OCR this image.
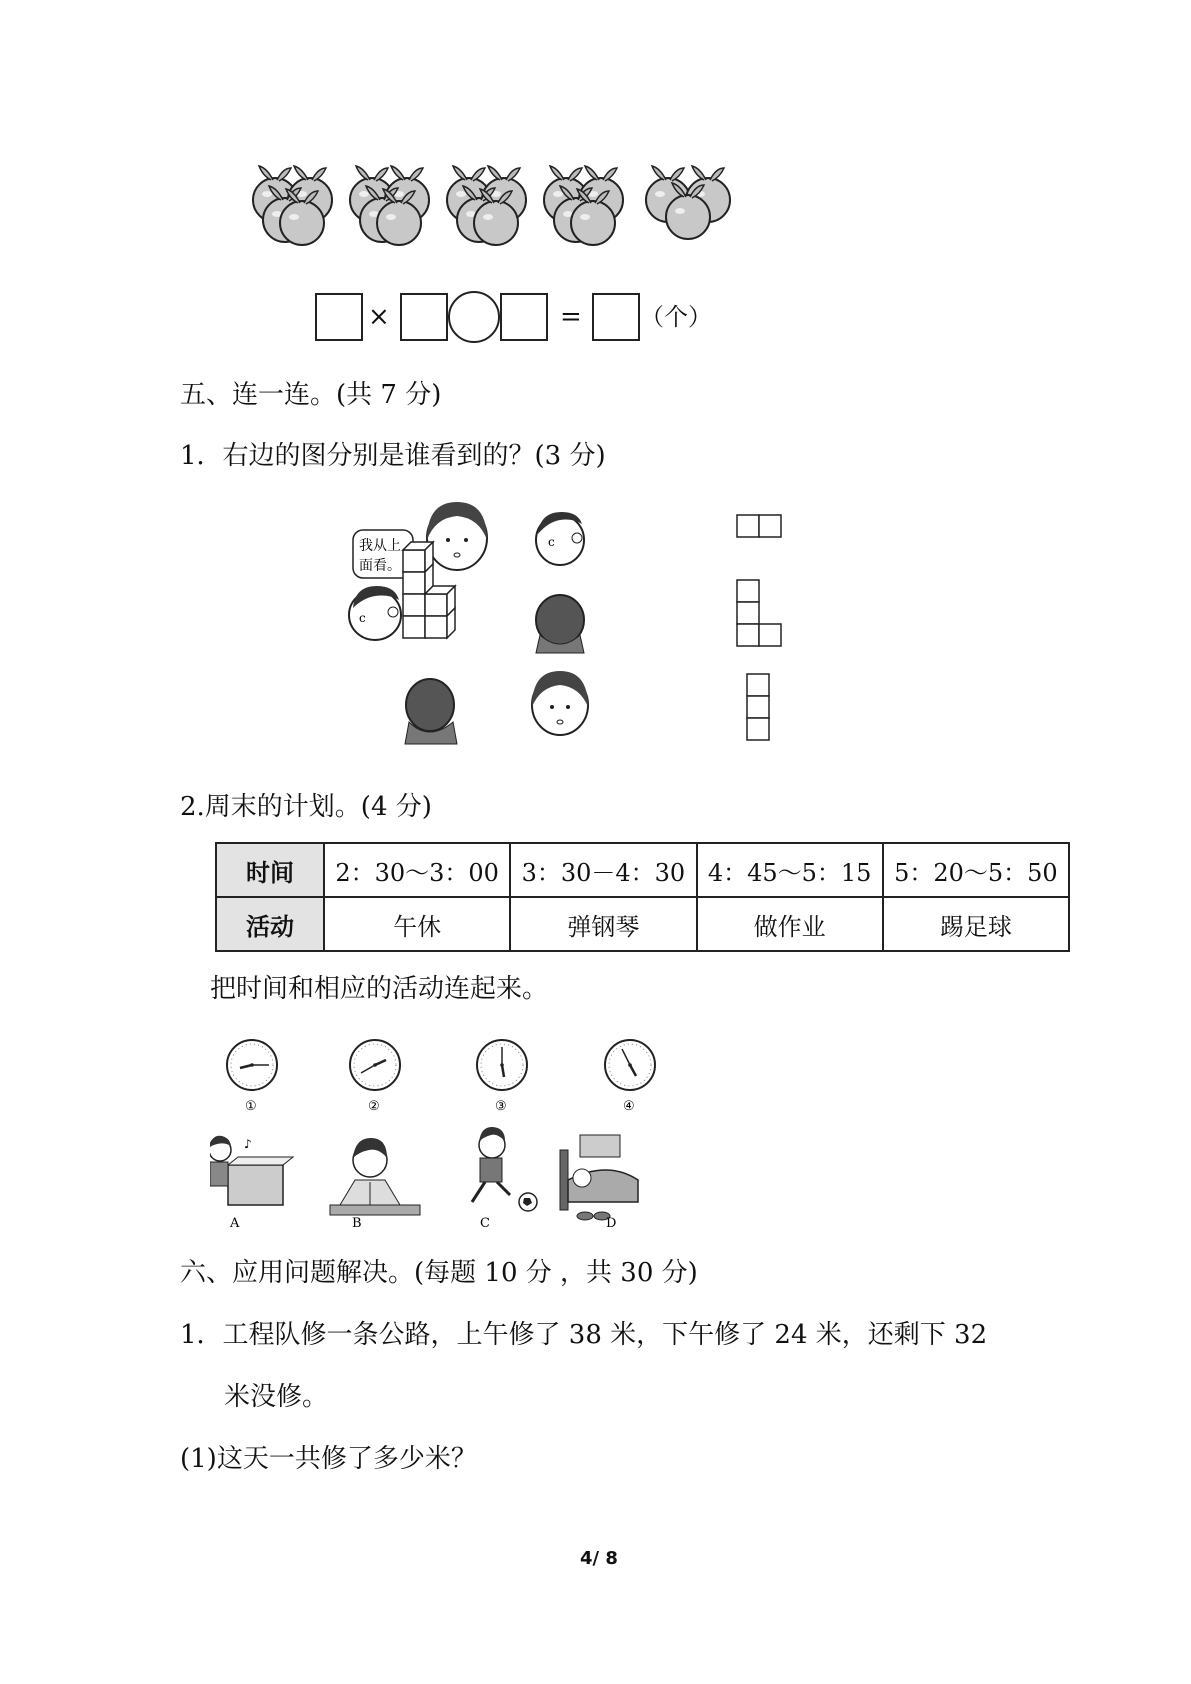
×	= （个）
五、连一连。(共 7 分)
1．右边的图分别是谁看到的？(3 分)
我从上
面看。
c
c
2.周末的计划。(4 分)
时间	2：30～3：00	3：30－4：30	4：45～5：15	5：20～5：50
活动	午休	弹钢琴	做作业	踢足球
把时间和相应的活动连起来。
①	②	③	④
♪
A	B	C	D
六、应用问题解决。(每题 10 分 ，共 30 分)
1．工程队修一条公路，上午修了 38 米，下午修了 24 米，还剩下 32
米没修。
(1)这天一共修了多少米？
4/ 8
